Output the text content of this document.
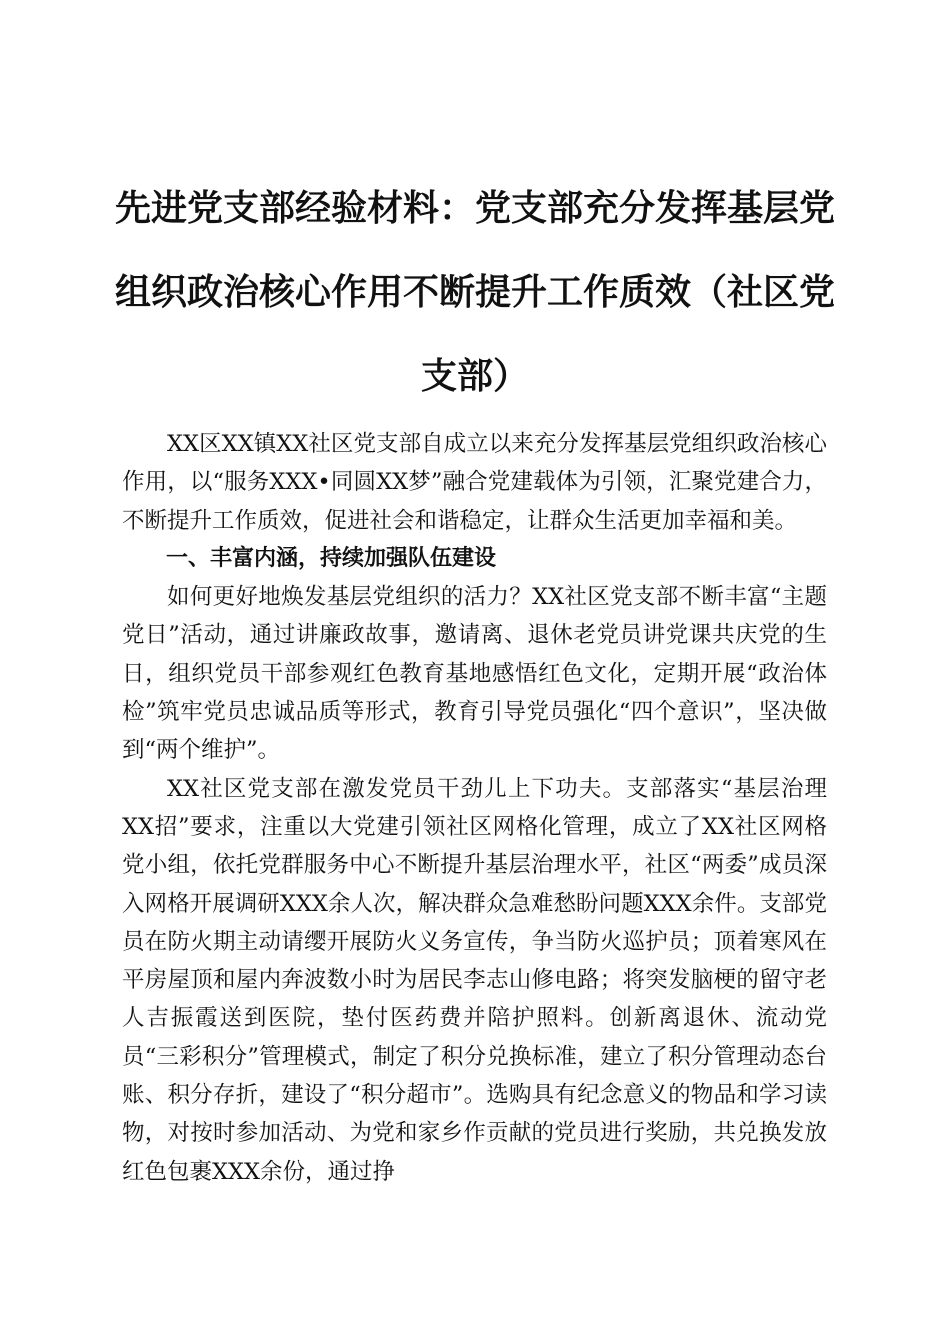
先进党支部经验材料：党支部充分发挥基层党
组织政治核心作用不断提升工作质效（社区党
支部）

XX区XX镇XX社区党支部自成立以来充分发挥基层党组织政治核心作用，以“服务XXX•同圆XX梦”融合党建载体为引领，汇聚党建合力，不断提升工作质效，促进社会和谐稳定，让群众生活更加幸福和美。

一、丰富内涵，持续加强队伍建设

如何更好地焕发基层党组织的活力？XX社区党支部不断丰富“主题党日”活动，通过讲廉政故事，邀请离、退休老党员讲党课共庆党的生日，组织党员干部参观红色教育基地感悟红色文化，定期开展“政治体检”筑牢党员忠诚品质等形式，教育引导党员强化“四个意识”，坚决做到“两个维护”。

XX社区党支部在激发党员干劲儿上下功夫。支部落实“基层治理XX招”要求，注重以大党建引领社区网格化管理，成立了XX社区网格党小组，依托党群服务中心不断提升基层治理水平，社区“两委”成员深入网格开展调研XXX余人次，解决群众急难愁盼问题XXX余件。支部党员在防火期主动请缨开展防火义务宣传，争当防火巡护员；顶着寒风在平房屋顶和屋内奔波数小时为居民李志山修电路；将突发脑梗的留守老人吉振霞送到医院，垫付医药费并陪护照料。创新离退休、流动党员“三彩积分”管理模式，制定了积分兑换标准，建立了积分管理动态台账、积分存折，建设了“积分超市”。选购具有纪念意义的物品和学习读物，对按时参加活动、为党和家乡作贡献的党员进行奖励，共兑换发放红色包裹XXX余份，通过挣
